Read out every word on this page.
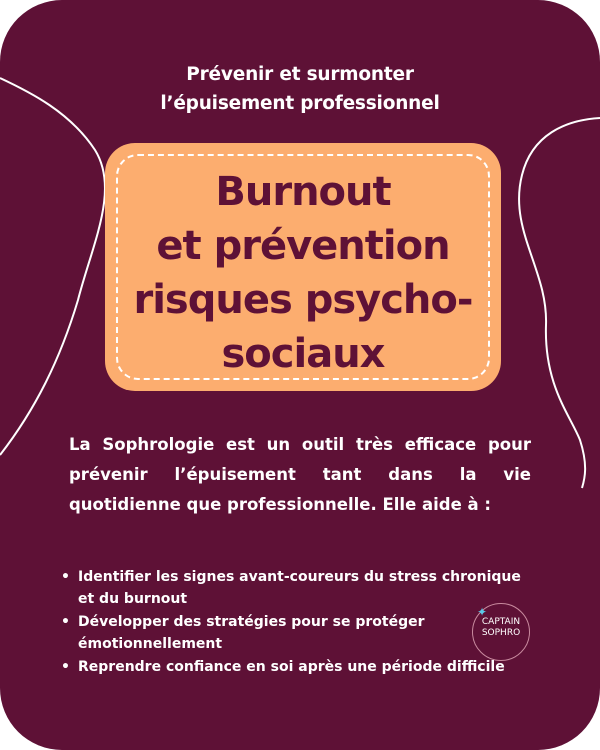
Prévenir et surmonter
l’épuisement professionnel
Burnout
et prévention
risques psycho-
sociaux
La Sophrologie est un outil très efficace pour
prévenir l’épuisement tant dans la vie
quotidienne que professionnelle. Elle aide à :
• Identifier les signes avant-coureurs du stress chronique
et du burnout
• Développer des stratégies pour se protéger
émotionnellement
• Reprendre confiance en soi après une période difficile
✦
CAPTAIN
SOPHRO
